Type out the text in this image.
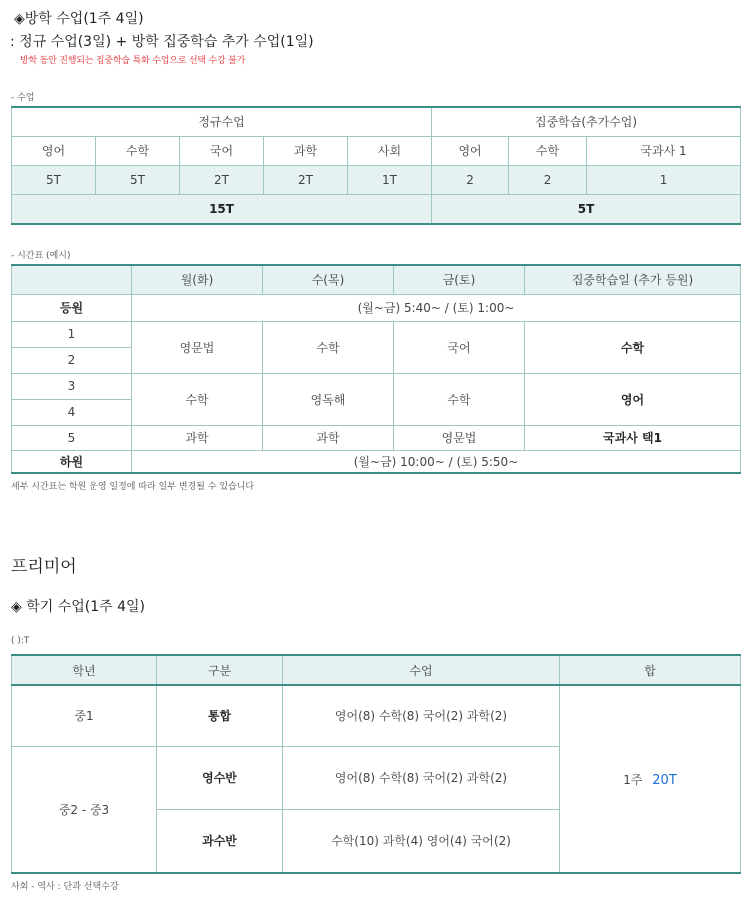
◈방학 수업(1주 4일)
: 정규 수업(3일) + 방학 집중학습 추가 수업(1일)
방학 동안 진행되는 집중학습 특화 수업으로 선택 수강 불가
- 수업
정규수업					집중학습(추가수업)		
영어	수학	국어	과학	사회	영어	수학	국과사 1
5T	5T	2T	2T	1T	2	2	1
15T					5T		
- 시간표 (예시)
	월(화)	수(목)	금(토)	집중학습일 (추가 등원)
등원	(월~금) 5:40~ / (토) 1:00~			
1	영문법	수학	국어	수학
2				
3	수학	영독해	수학	영어
4				
5	과학	과학	영문법	국과사 택1
하원	(월~금) 10:00~ / (토) 5:50~			
세부 시간표는 학원 운영 일정에 따라 일부 변경될 수 있습니다
프리미어
◈ 학기 수업(1주 4일)
( ):T
학년	구분	수업	합
중1	통합	영어(8) 수학(8) 국어(2) 과학(2)	1주 20T
중2 - 중3	영수반	영어(8) 수학(8) 국어(2) 과학(2)	
	과수반	수학(10) 과학(4) 영어(4) 국어(2)	
사회 - 역사 : 단과 선택수강
